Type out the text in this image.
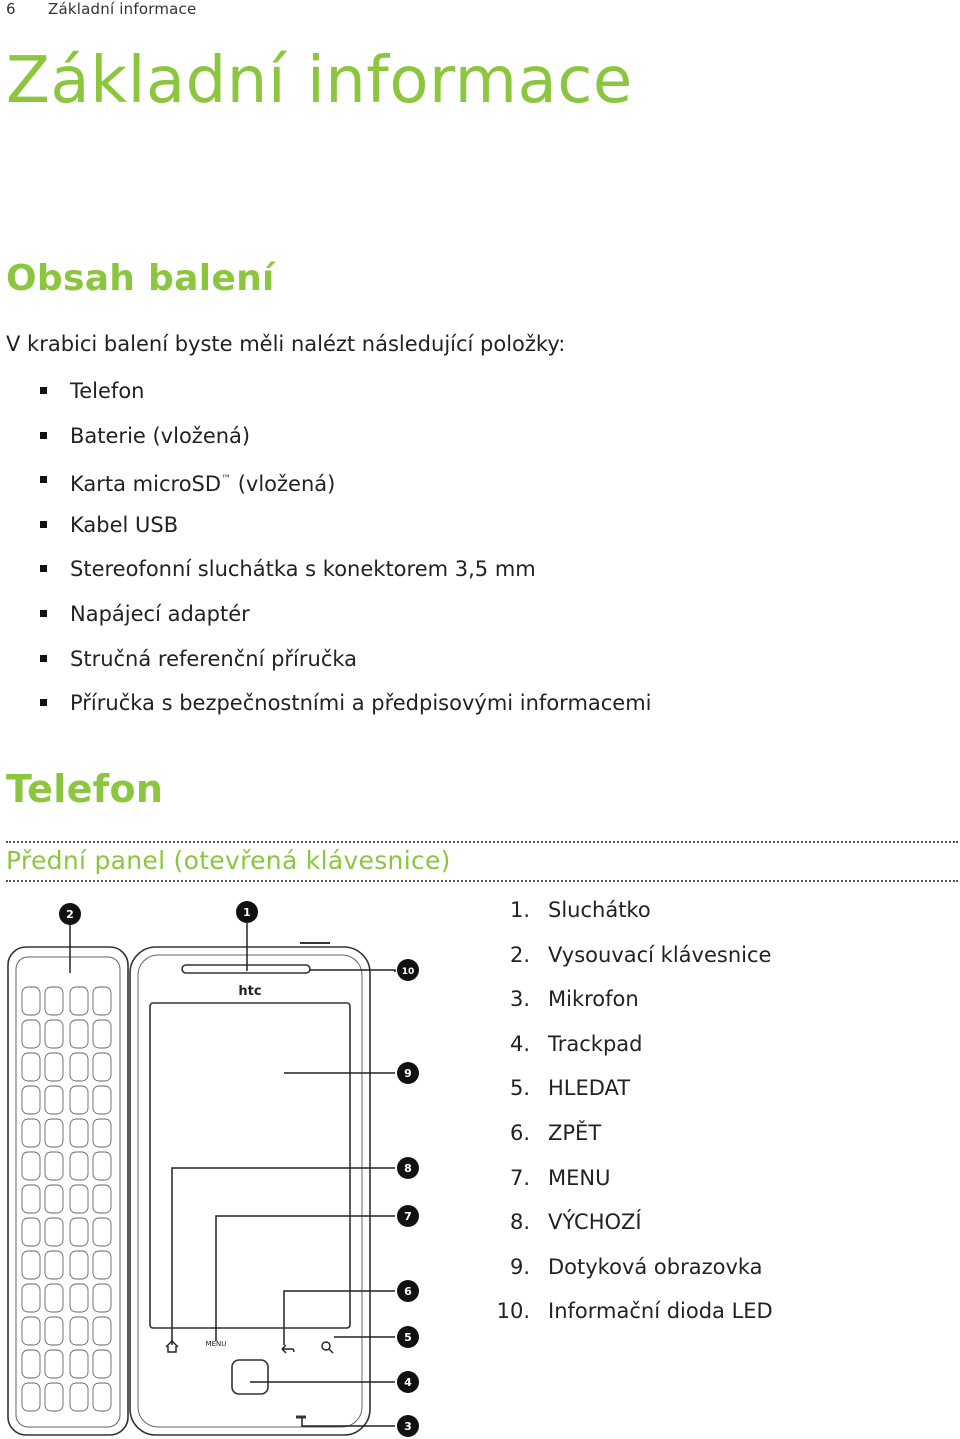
6 Základní informace
Základní informace
Obsah balení
V krabici balení byste měli nalézt následující položky:
Telefon
Baterie (vložená)
Karta microSD™ (vložená)
Kabel USB
Stereofonní sluchátka s konektorem 3,5 mm
Napájecí adaptér
Stručná referenční příručka
Příručka s bezpečnostními a předpisovými informacemi
Telefon
Přední panel (otevřená klávesnice)
1. Sluchátko
2. Vysouvací klávesnice
3. Mikrofon
4. Trackpad
5. HLEDAT
6. ZPĚT
7. MENU
8. VÝCHOZÍ
9. Dotyková obrazovka
10. Informační dioda LED
htc
MENU
1
2
3
4
5
6
7
8
9
10
